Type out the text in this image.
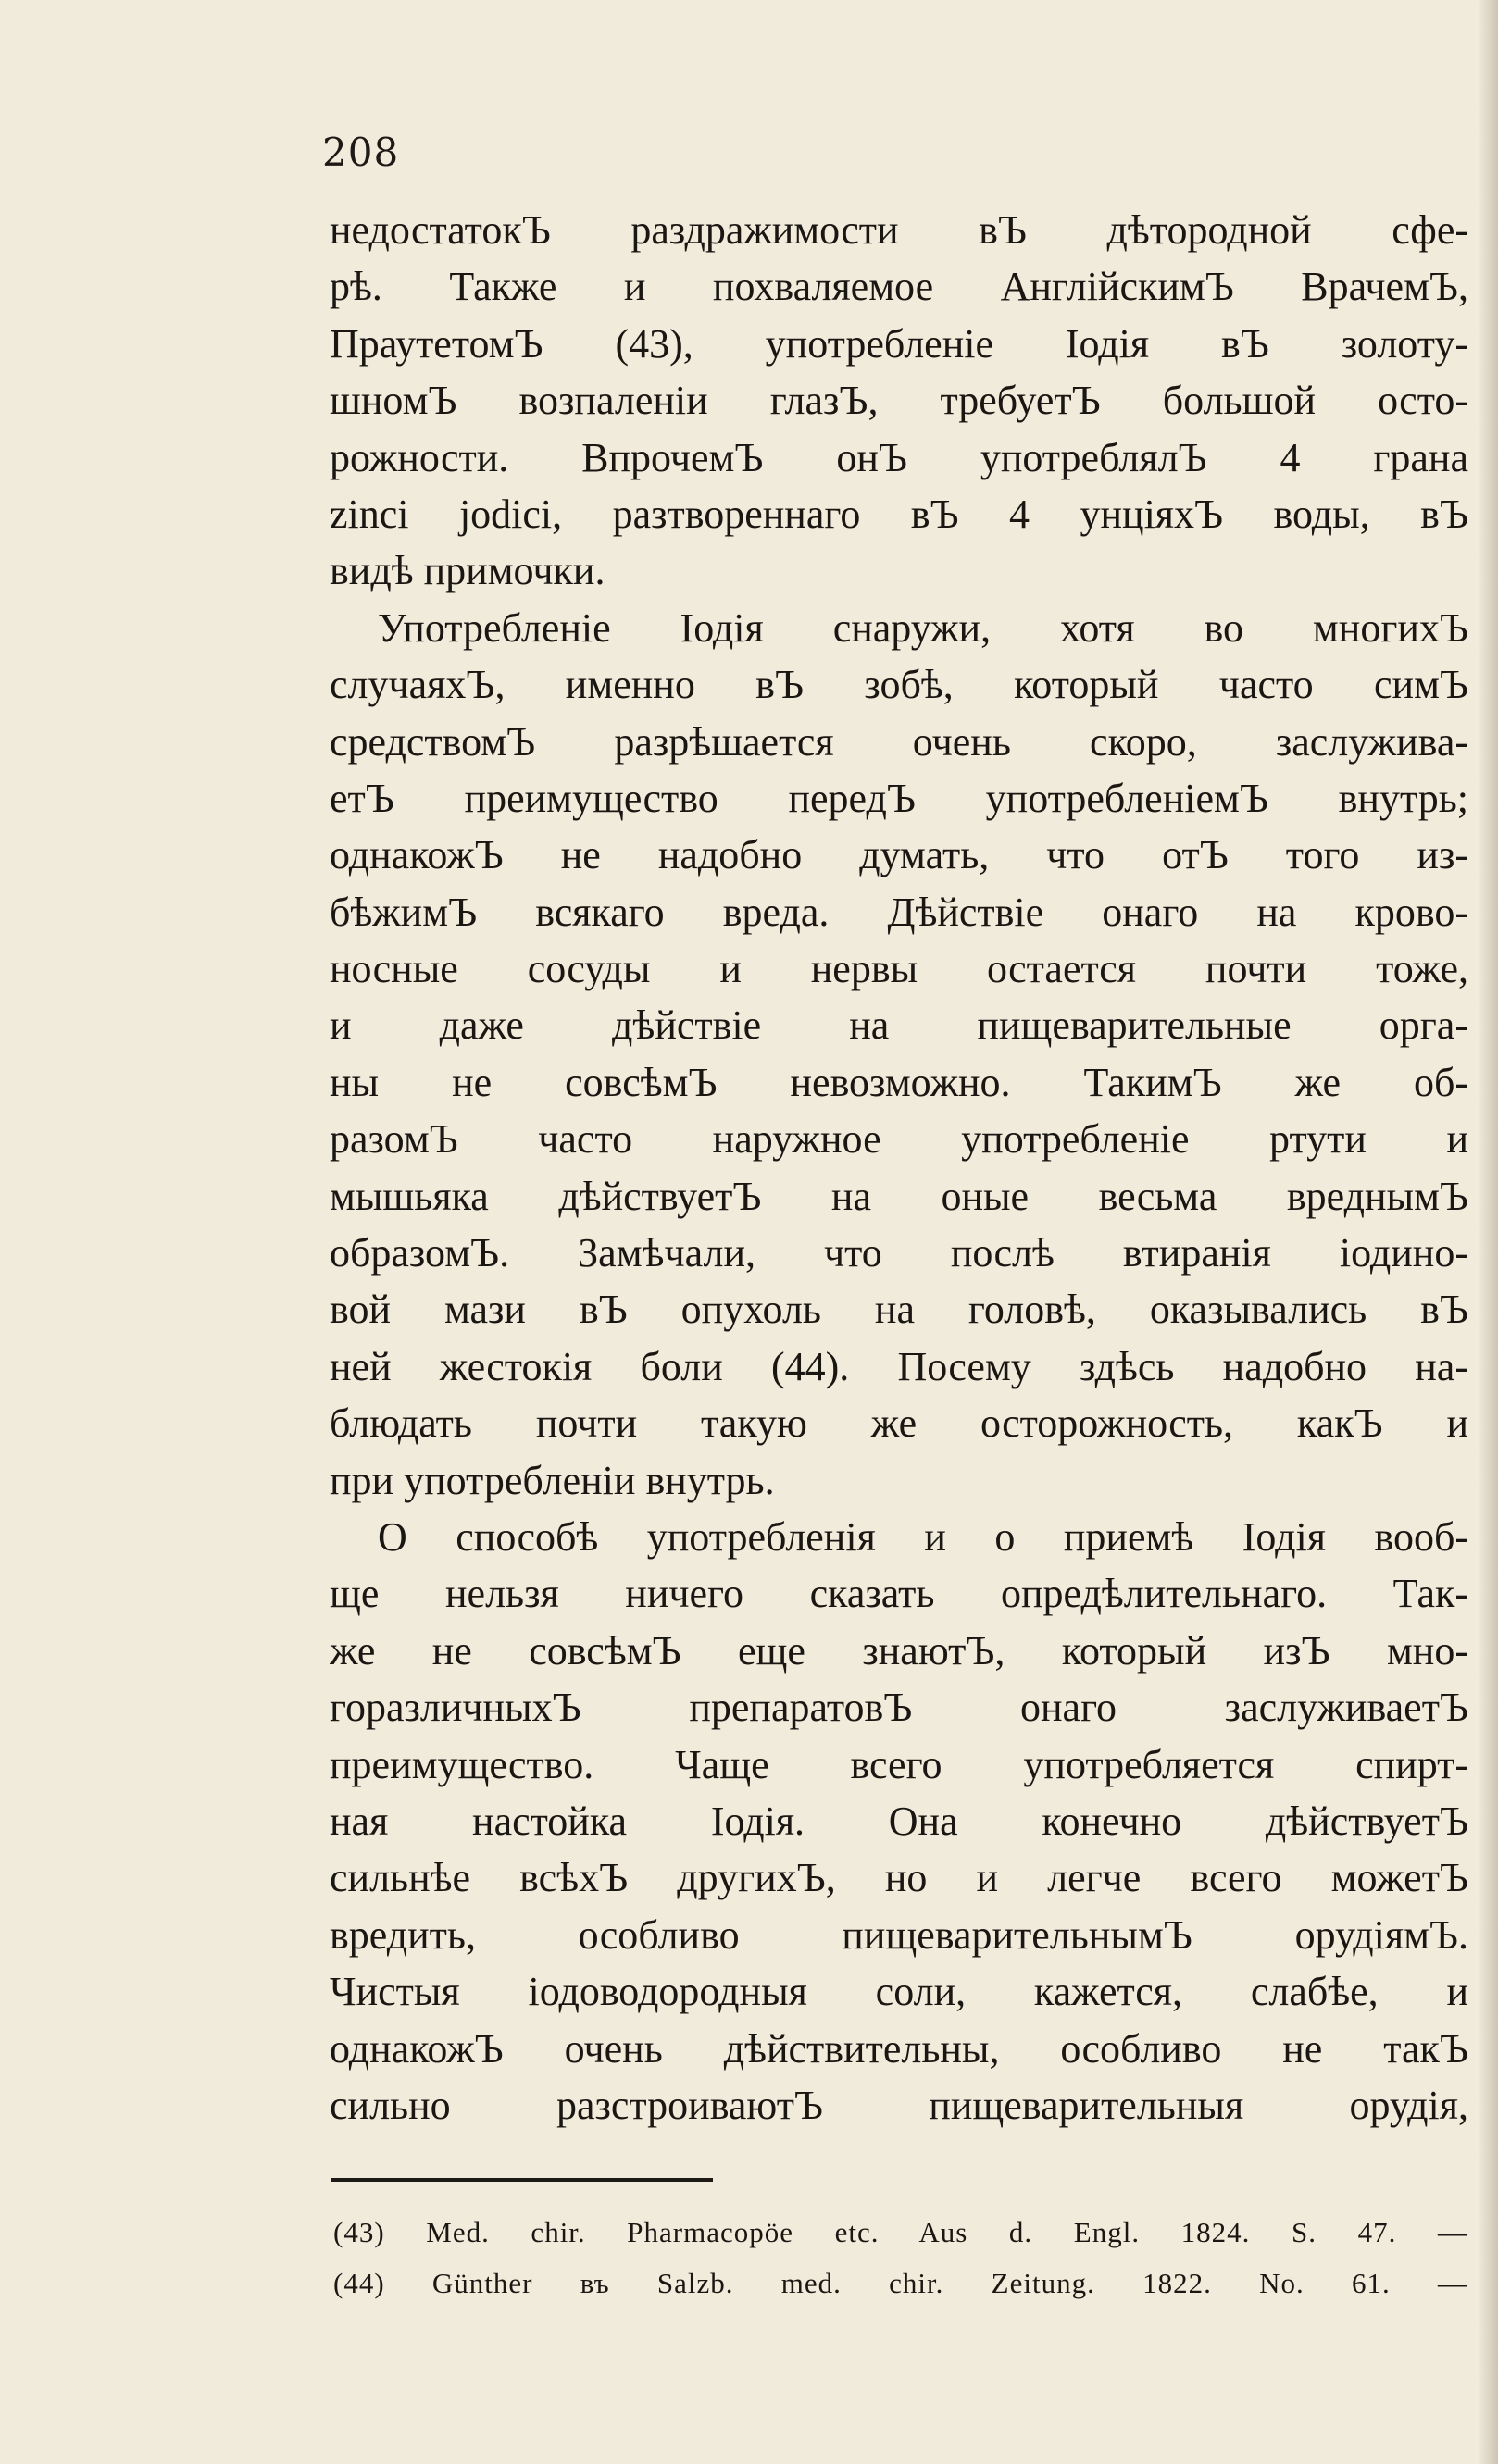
208
недостатокЪ раздражимости вЪ дѣтородной сфе-
рѣ. Также и похваляемое АнглiйскимЪ ВрачемЪ,
ПраутетомЪ (43), употребленiе Iодiя вЪ золоту-
шномЪ возпаленiи глазЪ, требуетЪ большой осто-
рожности. ВпрочемЪ онЪ употреблялЪ 4 грана
zinci jodici, разтвореннаго вЪ 4 унцiяхЪ воды, вЪ
видѣ примочки.
Употребленiе Iодiя снаружи, хотя во многихЪ
случаяхЪ, именно вЪ зобѣ, который часто симЪ
средствомЪ разрѣшается очень скоро, заслужива-
етЪ преимущество передЪ употребленiемЪ внутрь;
однакожЪ не надобно думать, что отЪ того из-
бѣжимЪ всякаго вреда. Дѣйствiе онаго на крово-
носные сосуды и нервы остается почти тоже,
и даже дѣйствiе на пищеварительные орга-
ны не совсѣмЪ невозможно. ТакимЪ же об-
разомЪ часто наружное употребленiе ртути и
мышьяка дѣйствуетЪ на оные весьма вреднымЪ
образомЪ. Замѣчали, что послѣ втиранiя iодино-
вой мази вЪ опухоль на головѣ, оказывались вЪ
ней жестокiя боли (44). Посему здѣсь надобно на-
блюдать почти такую же осторожность, какЪ и
при употребленiи внутрь.
О способѣ употребленiя и о приемѣ Iодiя вооб-
ще нельзя ничего сказать опредѣлительнаго. Так-
же не совсѣмЪ еще знаютЪ, который изЪ мно-
горазличныхЪ препаратовЪ онаго заслуживаетЪ
преимущество. Чаще всего употребляется спирт-
ная настойка Iодiя. Она конечно дѣйствуетЪ
сильнѣе всѣхЪ другихЪ, но и легче всего можетЪ
вредить, особливо пищеварительнымЪ орудiямЪ.
Чистыя iодоводородныя соли, кажется, слабѣе, и
однакожЪ очень дѣйствительны, особливо не такЪ
сильно разстроиваютЪ пищеварительныя орудiя,
(43) Med. chir. Pharmacopöe etc. Aus d. Engl. 1824. S. 47. —
(44) Günther въ Salzb. med. chir. Zeitung. 1822. No. 61. —
